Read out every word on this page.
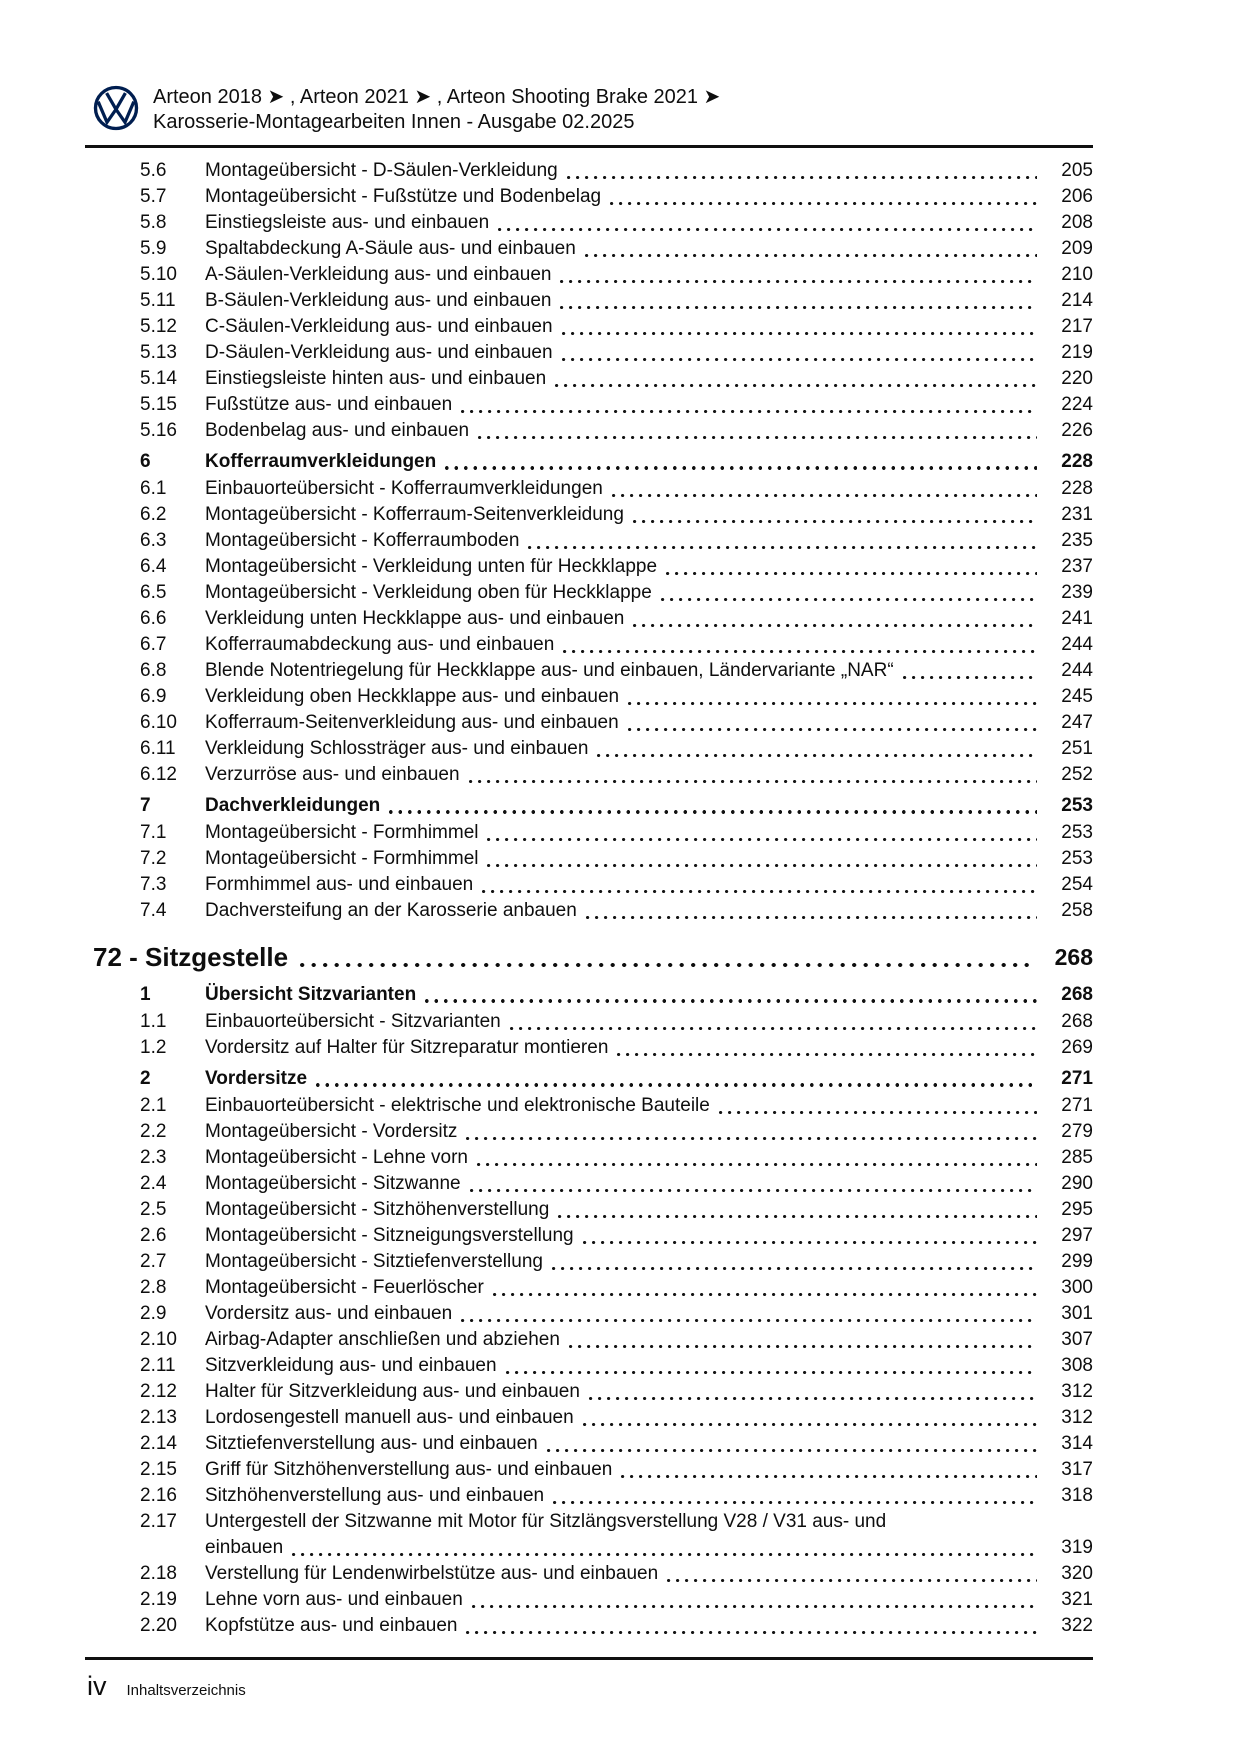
Arteon 2018 ➤ , Arteon 2021 ➤ , Arteon Shooting Brake 2021 ➤
Karosserie-Montagearbeiten Innen - Ausgabe 02.2025
5.6	Montageübersicht - D-Säulen-Verkleidung	205
5.7	Montageübersicht - Fußstütze und Bodenbelag	206
5.8	Einstiegsleiste aus- und einbauen	208
5.9	Spaltabdeckung A-Säule aus- und einbauen	209
5.10	A-Säulen-Verkleidung aus- und einbauen	210
5.11	B-Säulen-Verkleidung aus- und einbauen	214
5.12	C-Säulen-Verkleidung aus- und einbauen	217
5.13	D-Säulen-Verkleidung aus- und einbauen	219
5.14	Einstiegsleiste hinten aus- und einbauen	220
5.15	Fußstütze aus- und einbauen	224
5.16	Bodenbelag aus- und einbauen	226
6	Kofferraumverkleidungen	228
6.1	Einbauorteübersicht - Kofferraumverkleidungen	228
6.2	Montageübersicht - Kofferraum-Seitenverkleidung	231
6.3	Montageübersicht - Kofferraumboden	235
6.4	Montageübersicht - Verkleidung unten für Heckklappe	237
6.5	Montageübersicht - Verkleidung oben für Heckklappe	239
6.6	Verkleidung unten Heckklappe aus- und einbauen	241
6.7	Kofferraumabdeckung aus- und einbauen	244
6.8	Blende Notentriegelung für Heckklappe aus- und einbauen, Ländervariante „NAR“	244
6.9	Verkleidung oben Heckklappe aus- und einbauen	245
6.10	Kofferraum-Seitenverkleidung aus- und einbauen	247
6.11	Verkleidung Schlossträger aus- und einbauen	251
6.12	Verzurröse aus- und einbauen	252
7	Dachverkleidungen	253
7.1	Montageübersicht - Formhimmel	253
7.2	Montageübersicht - Formhimmel	253
7.3	Formhimmel aus- und einbauen	254
7.4	Dachversteifung an der Karosserie anbauen	258
72 - Sitzgestelle	268
1	Übersicht Sitzvarianten	268
1.1	Einbauorteübersicht - Sitzvarianten	268
1.2	Vordersitz auf Halter für Sitzreparatur montieren	269
2	Vordersitze	271
2.1	Einbauorteübersicht - elektrische und elektronische Bauteile	271
2.2	Montageübersicht - Vordersitz	279
2.3	Montageübersicht - Lehne vorn	285
2.4	Montageübersicht - Sitzwanne	290
2.5	Montageübersicht - Sitzhöhenverstellung	295
2.6	Montageübersicht - Sitzneigungsverstellung	297
2.7	Montageübersicht - Sitztiefenverstellung	299
2.8	Montageübersicht - Feuerlöscher	300
2.9	Vordersitz aus- und einbauen	301
2.10	Airbag-Adapter anschließen und abziehen	307
2.11	Sitzverkleidung aus- und einbauen	308
2.12	Halter für Sitzverkleidung aus- und einbauen	312
2.13	Lordosengestell manuell aus- und einbauen	312
2.14	Sitztiefenverstellung aus- und einbauen	314
2.15	Griff für Sitzhöhenverstellung aus- und einbauen	317
2.16	Sitzhöhenverstellung aus- und einbauen	318
2.17	Untergestell der Sitzwanne mit Motor für Sitzlängsverstellung V28 / V31 aus- und
einbauen	319
2.18	Verstellung für Lendenwirbelstütze aus- und einbauen	320
2.19	Lehne vorn aus- und einbauen	321
2.20	Kopfstütze aus- und einbauen	322
iv Inhaltsverzeichnis
